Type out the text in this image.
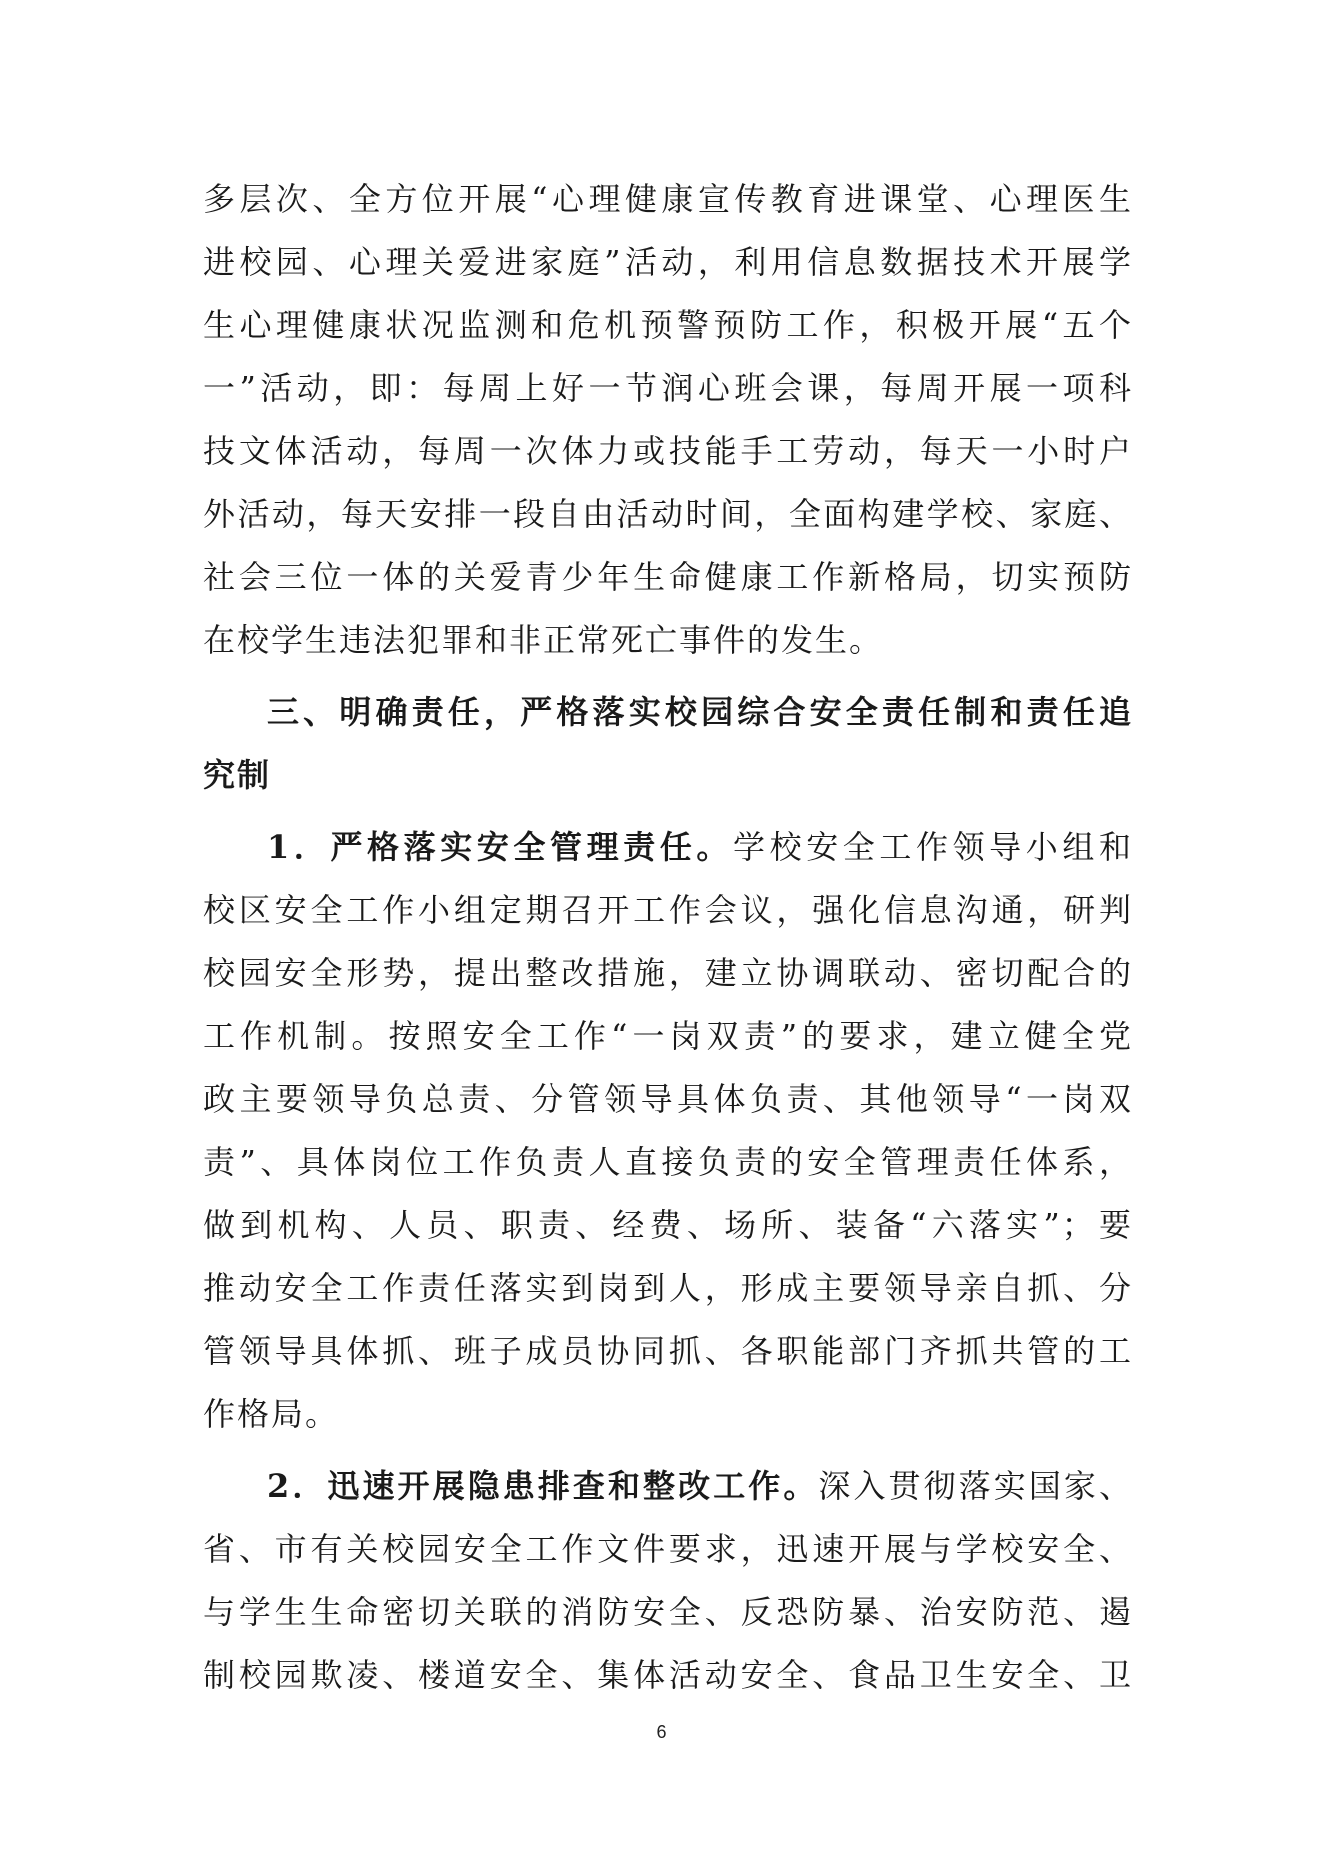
多层次、全方位开展“心理健康宣传教育进课堂、心理医生
进校园、心理关爱进家庭”活动，利用信息数据技术开展学
生心理健康状况监测和危机预警预防工作，积极开展“五个
一”活动，即：每周上好一节润心班会课，每周开展一项科
技文体活动，每周一次体力或技能手工劳动，每天一小时户
外活动，每天安排一段自由活动时间，全面构建学校、家庭、
社会三位一体的关爱青少年生命健康工作新格局，切实预防
在校学生违法犯罪和非正常死亡事件的发生。
三、明确责任，严格落实校园综合安全责任制和责任追
究制
1．严格落实安全管理责任。学校安全工作领导小组和
校区安全工作小组定期召开工作会议，强化信息沟通，研判
校园安全形势，提出整改措施，建立协调联动、密切配合的
工作机制。按照安全工作“一岗双责”的要求，建立健全党
政主要领导负总责、分管领导具体负责、其他领导“一岗双
责”、具体岗位工作负责人直接负责的安全管理责任体系，
做到机构、人员、职责、经费、场所、装备“六落实”；要
推动安全工作责任落实到岗到人，形成主要领导亲自抓、分
管领导具体抓、班子成员协同抓、各职能部门齐抓共管的工
作格局。
2．迅速开展隐患排查和整改工作。深入贯彻落实国家、
省、市有关校园安全工作文件要求，迅速开展与学校安全、
与学生生命密切关联的消防安全、反恐防暴、治安防范、遏
制校园欺凌、楼道安全、集体活动安全、食品卫生安全、卫
6
